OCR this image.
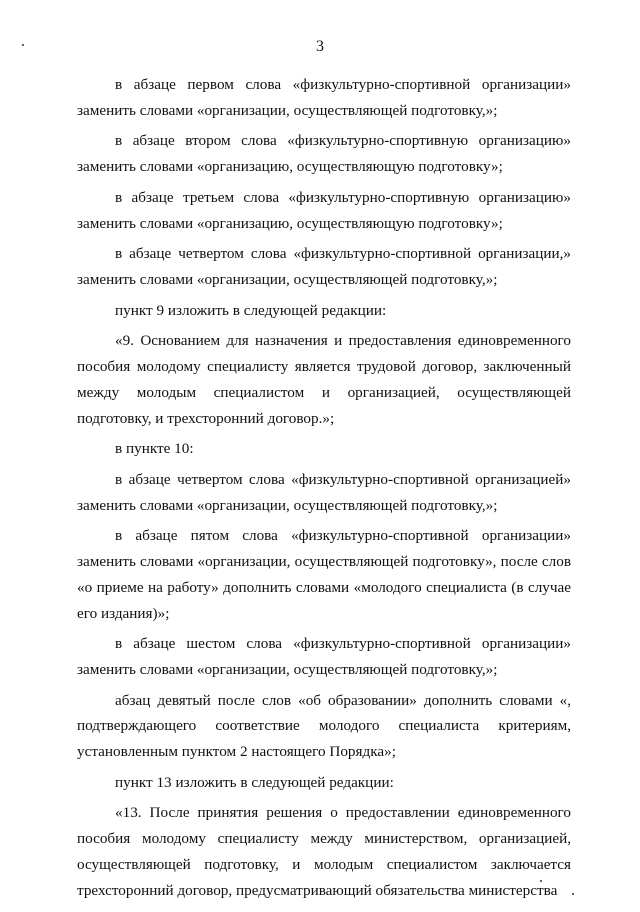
3

в абзаце первом слова «физкультурно-спортивной организации» заменить словами «организации, осуществляющей подготовку,»;

в абзаце втором слова «физкультурно-спортивную организацию» заменить словами «организацию, осуществляющую подготовку»;

в абзаце третьем слова «физкультурно-спортивную организацию» заменить словами «организацию, осуществляющую подготовку»;

в абзаце четвертом слова «физкультурно-спортивной организации,» заменить словами «организации, осуществляющей подготовку,»;

пункт 9 изложить в следующей редакции:

«9. Основанием для назначения и предоставления единовременного пособия молодому специалисту является трудовой договор, заключенный между молодым специалистом и организацией, осуществляющей подготовку, и трехсторонний договор.»;

в пункте 10:

в абзаце четвертом слова «физкультурно-спортивной организацией» заменить словами «организации, осуществляющей подготовку,»;

в абзаце пятом слова «физкультурно-спортивной организации» заменить словами «организации, осуществляющей подготовку», после слов «о приеме на работу» дополнить словами «молодого специалиста (в случае его издания)»;

в абзаце шестом слова «физкультурно-спортивной организации» заменить словами «организации, осуществляющей подготовку,»;

абзац девятый после слов «об образовании» дополнить словами «, подтверждающего соответствие молодого специалиста критериям, установленным пунктом 2 настоящего Порядка»;

пункт 13 изложить в следующей редакции:

«13. После принятия решения о предоставлении единовременного пособия молодому специалисту между министерством, организацией, осуществляющей подготовку, и молодым специалистом заключается трехсторонний договор, предусматривающий обязательства министерства
